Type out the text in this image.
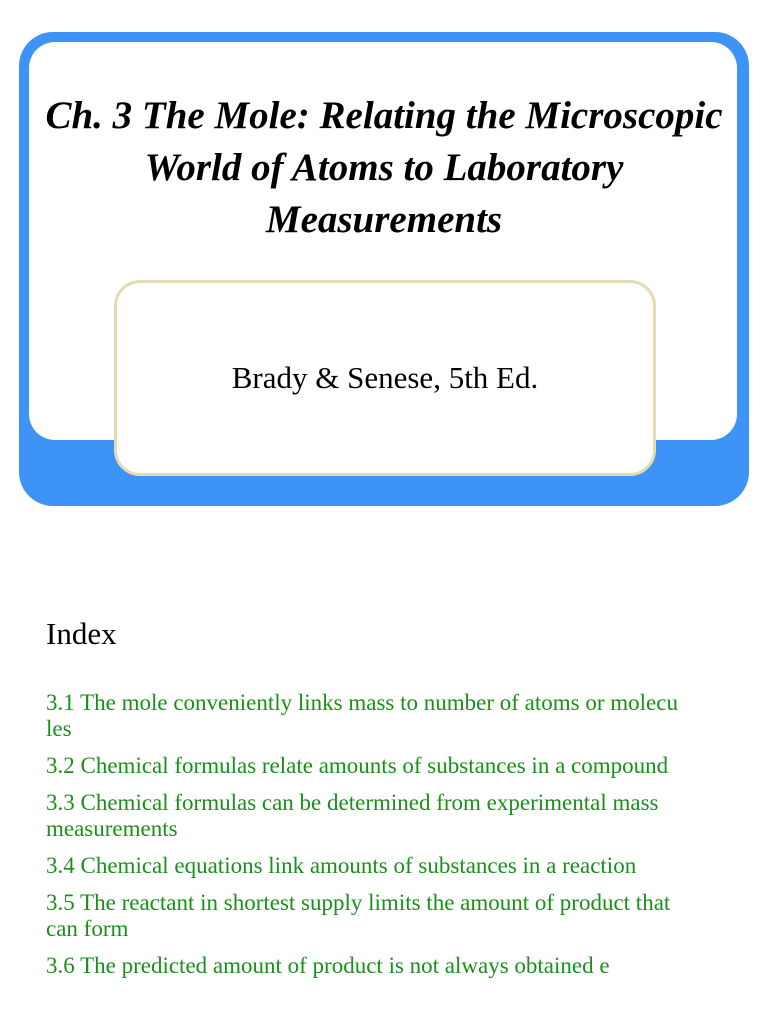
Ch. 3 The Mole: Relating the Microscopic World of Atoms to Laboratory Measurements
Brady & Senese, 5th Ed.
Index
3.1 The mole conveniently links mass to number of atoms or molecules
3.2 Chemical formulas relate amounts of substances in a compound
3.3 Chemical formulas can be determined from experimental mass measurements
3.4 Chemical equations link amounts of substances in a reaction
3.5 The reactant in shortest supply limits the amount of product that can form
3.6 The predicted amount of product is not always obtained e
